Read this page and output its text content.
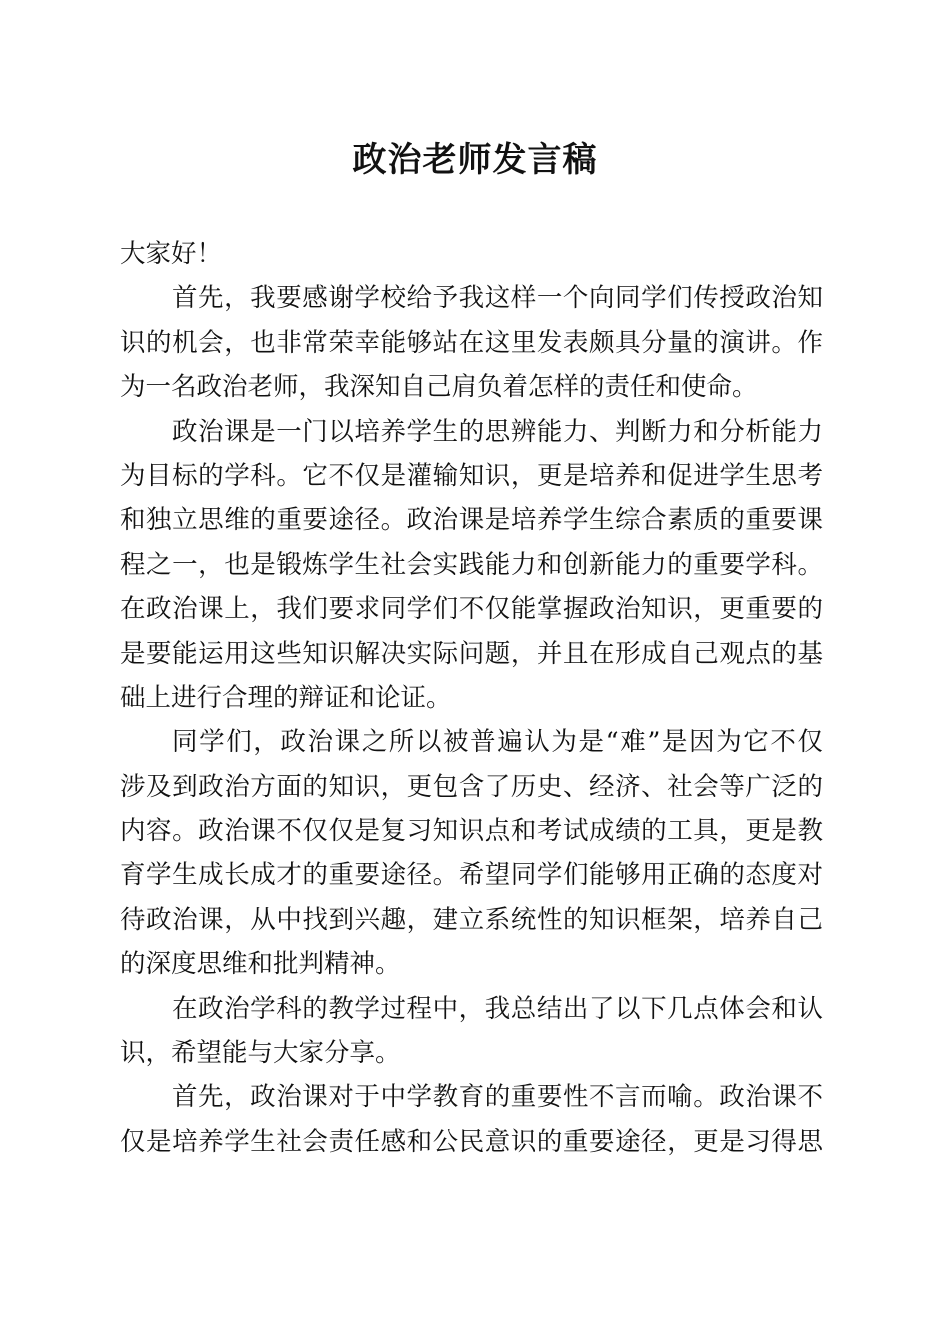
政治老师发言稿
大家好！
首先，我要感谢学校给予我这样一个向同学们传授政治知
识的机会，也非常荣幸能够站在这里发表颇具分量的演讲。作
为一名政治老师，我深知自己肩负着怎样的责任和使命。
政治课是一门以培养学生的思辨能力、判断力和分析能力
为目标的学科。它不仅是灌输知识，更是培养和促进学生思考
和独立思维的重要途径。政治课是培养学生综合素质的重要课
程之一，也是锻炼学生社会实践能力和创新能力的重要学科。
在政治课上，我们要求同学们不仅能掌握政治知识，更重要的
是要能运用这些知识解决实际问题，并且在形成自己观点的基
础上进行合理的辩证和论证。
同学们，政治课之所以被普遍认为是“难”是因为它不仅
涉及到政治方面的知识，更包含了历史、经济、社会等广泛的
内容。政治课不仅仅是复习知识点和考试成绩的工具，更是教
育学生成长成才的重要途径。希望同学们能够用正确的态度对
待政治课，从中找到兴趣，建立系统性的知识框架，培养自己
的深度思维和批判精神。
在政治学科的教学过程中，我总结出了以下几点体会和认
识，希望能与大家分享。
首先，政治课对于中学教育的重要性不言而喻。政治课不
仅是培养学生社会责任感和公民意识的重要途径，更是习得思
